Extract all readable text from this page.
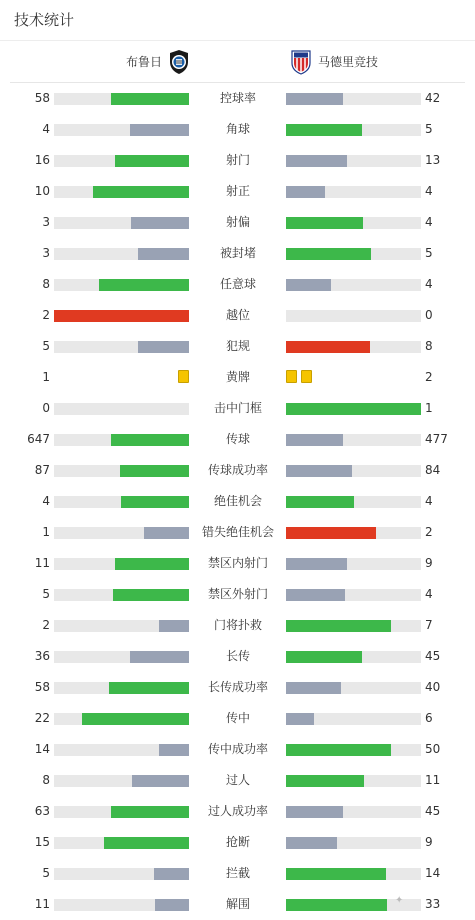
技术统计
布鲁日	马德里竞技
58	控球率	42
4	角球	5
16	射门	13
10	射正	4
3	射偏	4
3	被封堵	5
8	任意球	4
2	越位	0
5	犯规	8
1	黄牌	2
0	击中门框	1
647	传球	477
87	传球成功率	84
4	绝佳机会	4
1	错失绝佳机会	2
11	禁区内射门	9
5	禁区外射门	4
2	门将扑救	7
36	长传	45
58	长传成功率	40
22	传中	6
14	传中成功率	50
8	过人	11
63	过人成功率	45
15	抢断	9
5	拦截	14
11	解围	33
✦
